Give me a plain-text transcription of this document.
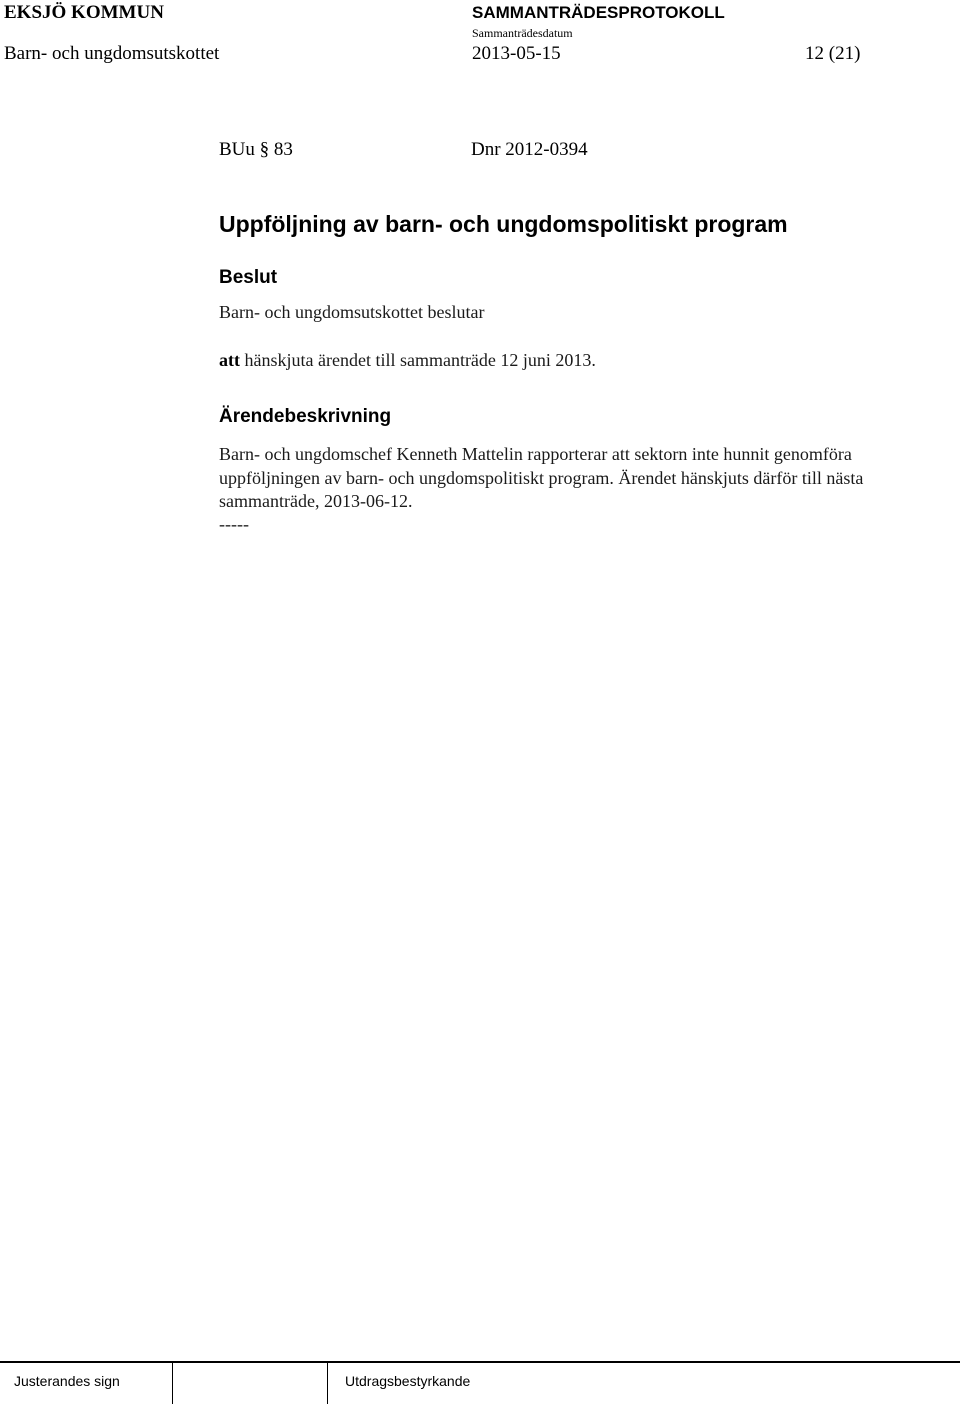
EKSJÖ KOMMUN	SAMMANTRÄDESPROTOKOLL
Sammanträdesdatum
Barn- och ungdomsutskottet	2013-05-15	12 (21)
BUu § 83	Dnr 2012-0394
Uppföljning av barn- och ungdomspolitiskt program
Beslut
Barn- och ungdomsutskottet beslutar
att hänskjuta ärendet till sammanträde 12 juni 2013.
Ärendebeskrivning
Barn- och ungdomschef Kenneth Mattelin rapporterar att sektorn inte hunnit genomföra uppföljningen av barn- och ungdomspolitiskt program. Ärendet hänskjuts därför till nästa sammanträde, 2013-06-12.
-----
Justerandes sign	Utdragsbestyrkande
